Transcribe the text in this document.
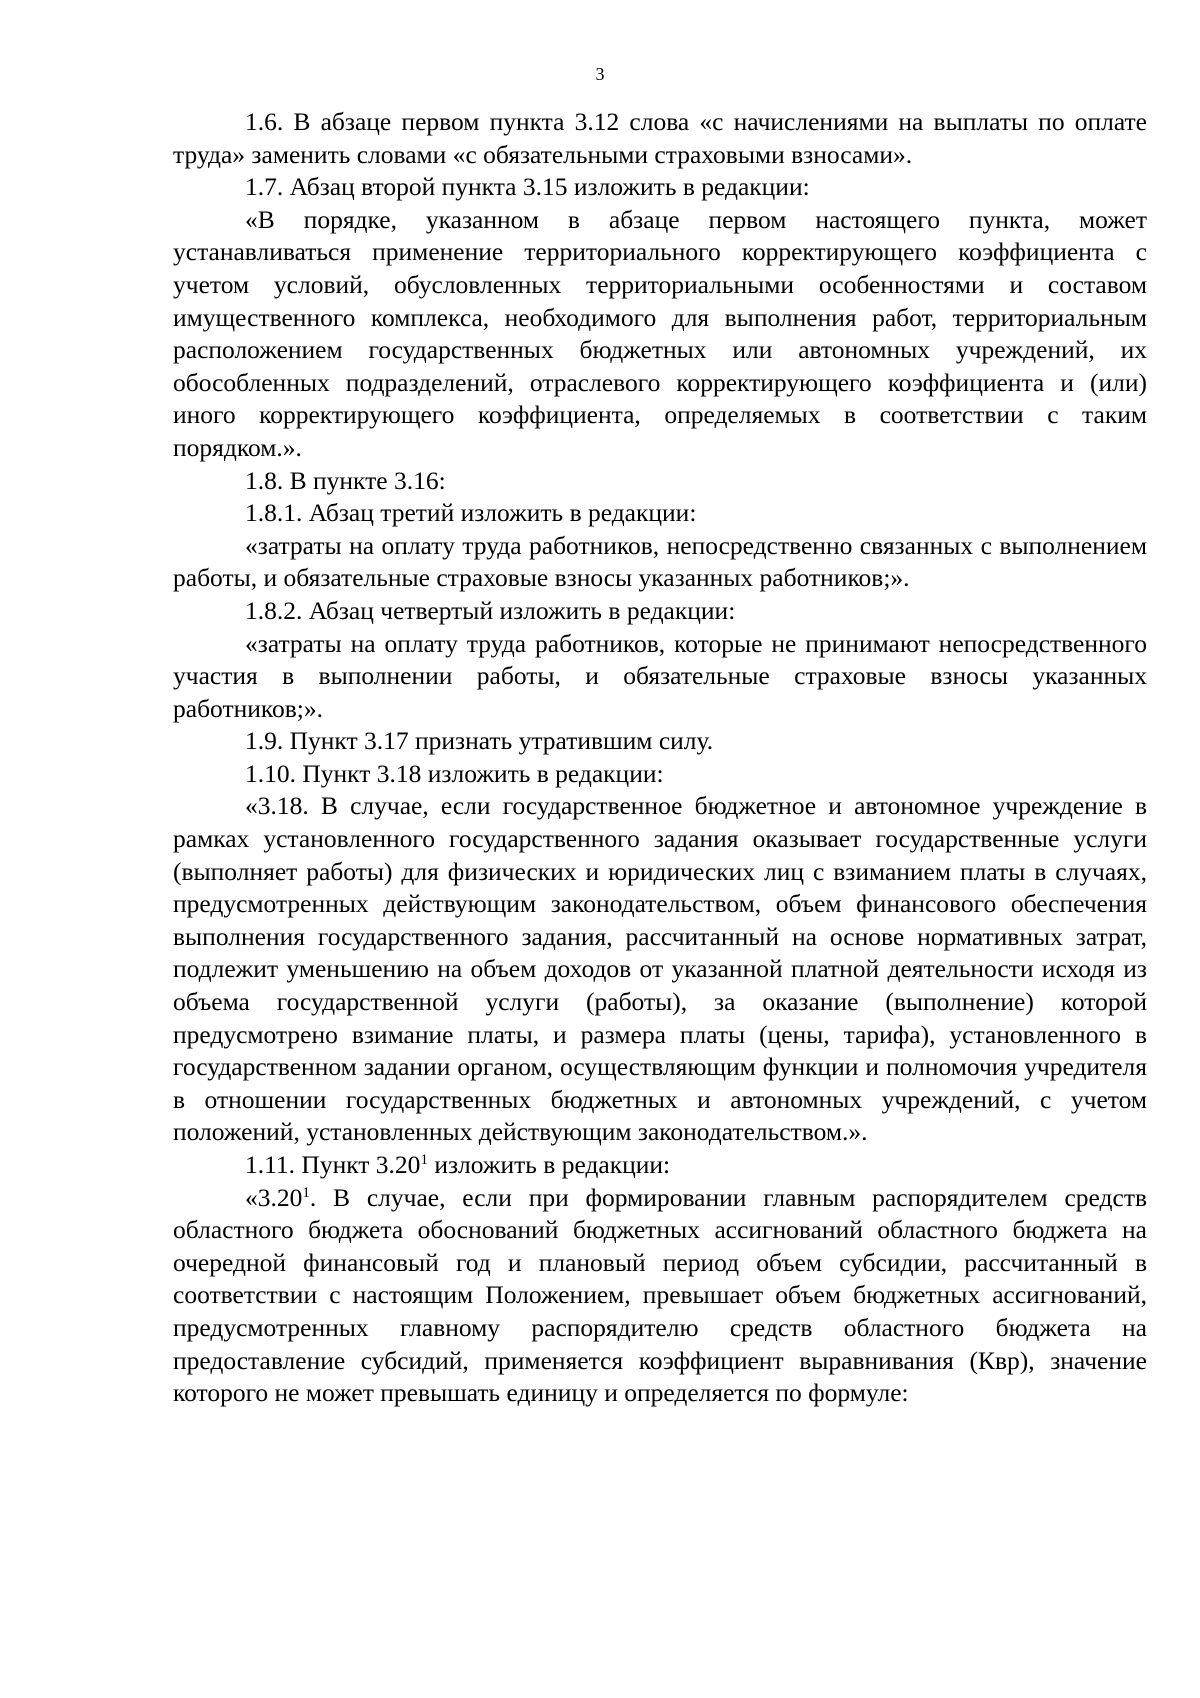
3

1.6. В абзаце первом пункта 3.12 слова «с начислениями на выплаты по оплате труда» заменить словами «с обязательными страховыми взносами».

1.7. Абзац второй пункта 3.15 изложить в редакции:

«В порядке, указанном в абзаце первом настоящего пункта, может устанавливаться применение территориального корректирующего коэффициента с учетом условий, обусловленных территориальными особенностями и составом имущественного комплекса, необходимого для выполнения работ, территориальным расположением государственных бюджетных или автономных учреждений, их обособленных подразделений, отраслевого корректирующего коэффициента и (или) иного корректирующего коэффициента, определяемых в соответствии с таким порядком.».

1.8. В пункте 3.16:

1.8.1. Абзац третий изложить в редакции:

«затраты на оплату труда работников, непосредственно связанных с выполнением работы, и обязательные страховые взносы указанных работников;».

1.8.2. Абзац четвертый изложить в редакции:

«затраты на оплату труда работников, которые не принимают непосредственного участия в выполнении работы, и обязательные страховые взносы указанных работников;».

1.9. Пункт 3.17 признать утратившим силу.

1.10. Пункт 3.18 изложить в редакции:

«3.18. В случае, если государственное бюджетное и автономное учреждение в рамках установленного государственного задания оказывает государственные услуги (выполняет работы) для физических и юридических лиц с взиманием платы в случаях, предусмотренных действующим законодательством, объем финансового обеспечения выполнения государственного задания, рассчитанный на основе нормативных затрат, подлежит уменьшению на объем доходов от указанной платной деятельности исходя из объема государственной услуги (работы), за оказание (выполнение) которой предусмотрено взимание платы, и размера платы (цены, тарифа), установленного в государственном задании органом, осуществляющим функции и полномочия учредителя в отношении государственных бюджетных и автономных учреждений, с учетом положений, установленных действующим законодательством.».

1.11. Пункт 3.20$^1$ изложить в редакции:

«3.20$^1$. В случае, если при формировании главным распорядителем средств областного бюджета обоснований бюджетных ассигнований областного бюджета на очередной финансовый год и плановый период объем субсидии, рассчитанный в соответствии с настоящим Положением, превышает объем бюджетных ассигнований, предусмотренных главному распорядителю средств областного бюджета на предоставление субсидий, применяется коэффициент выравнивания (Квр), значение которого не может превышать единицу и определяется по формуле:
